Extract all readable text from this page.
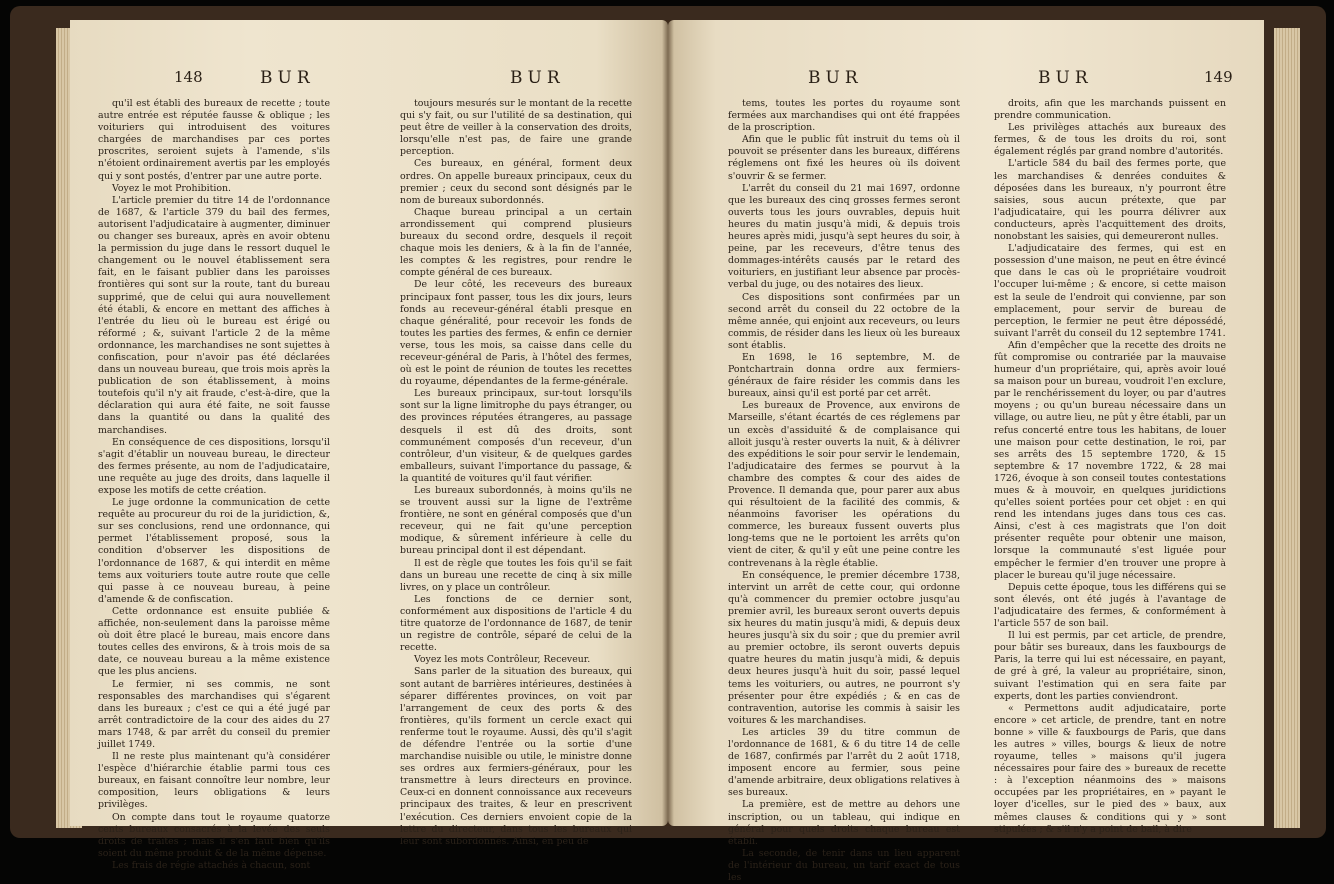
148	BUR	BUR

qu'il est établi des bureaux de recette ; toute autre entrée est réputée fausse & oblique ; les voituriers qui introduisent des voitures chargées de marchandises par ces portes proscrites, seroient sujets à l'amende, s'ils n'étoient ordinairement avertis par les employés qui y sont postés, d'entrer par une autre porte.

Voyez le mot Prohibition.

L'article premier du titre 14 de l'ordonnance de 1687, & l'article 379 du bail des fermes, autorisent l'adjudicataire à augmenter, diminuer ou changer ses bureaux, après en avoir obtenu la permission du juge dans le ressort duquel le changement ou le nouvel établissement sera fait, en le faisant publier dans les paroisses frontières qui sont sur la route, tant du bureau supprimé, que de celui qui aura nouvellement été établi, & encore en mettant des affiches à l'entrée du lieu où le bureau est érigé ou réformé ; &, suivant l'article 2 de la même ordonnance, les marchandises ne sont sujettes à confiscation, pour n'avoir pas été déclarées dans un nouveau bureau, que trois mois après la publication de son établissement, à moins toutefois qu'il n'y ait fraude, c'est-à-dire, que la déclaration qui aura été faite, ne soit fausse dans la quantité ou dans la qualité des marchandises.

En conséquence de ces dispositions, lorsqu'il s'agit d'établir un nouveau bureau, le directeur des fermes présente, au nom de l'adjudicataire, une requête au juge des droits, dans laquelle il expose les motifs de cette création.

Le juge ordonne la communication de cette requête au procureur du roi de la juridiction, &, sur ses conclusions, rend une ordonnance, qui permet l'établissement proposé, sous la condition d'observer les dispositions de l'ordonnance de 1687, & qui interdit en même tems aux voituriers toute autre route que celle qui passe à ce nouveau bureau, à peine d'amende & de confiscation.

Cette ordonnance est ensuite publiée & affichée, non-seulement dans la paroisse même où doit être placé le bureau, mais encore dans toutes celles des environs, & à trois mois de sa date, ce nouveau bureau a la même existence que les plus anciens.

Le fermier, ni ses commis, ne sont responsables des marchandises qui s'égarent dans les bureaux ; c'est ce qui a été jugé par arrêt contradictoire de la cour des aides du 27 mars 1748, & par arrêt du conseil du premier juillet 1749.

Il ne reste plus maintenant qu'à considérer l'espèce d'hiérarchie établie parmi tous ces bureaux, en faisant connoître leur nombre, leur composition, leurs obligations & leurs privilèges.

On compte dans tout le royaume quatorze cents bureaux consacrés à la levée des seuls droits de traites ; mais il s'en faut bien qu'ils soient du même produit & de la même dépense.

Les frais de régie attachés à chacun, sont

toujours mesurés sur le montant de la recette qui s'y fait, ou sur l'utilité de sa destination, qui peut être de veiller à la conservation des droits, lorsqu'elle n'est pas, de faire une grande perception.

Ces bureaux, en général, forment deux ordres. On appelle bureaux principaux, ceux du premier ; ceux du second sont désignés par le nom de bureaux subordonnés.

Chaque bureau principal a un certain arrondissement qui comprend plusieurs bureaux du second ordre, desquels il reçoit chaque mois les deniers, & à la fin de l'année, les comptes & les registres, pour rendre le compte général de ces bureaux.

De leur côté, les receveurs des bureaux principaux font passer, tous les dix jours, leurs fonds au receveur-général établi presque en chaque généralité, pour recevoir les fonds de toutes les parties des fermes, & enfin ce dernier verse, tous les mois, sa caisse dans celle du receveur-général de Paris, à l'hôtel des fermes, où est le point de réunion de toutes les recettes du royaume, dépendantes de la ferme-générale.

Les bureaux principaux, sur-tout lorsqu'ils sont sur la ligne limitrophe du pays étranger, ou des provinces réputées étrangeres, au passage desquels il est dû des droits, sont communément composés d'un receveur, d'un contrôleur, d'un visiteur, & de quelques gardes emballeurs, suivant l'importance du passage, & la quantité de voitures qu'il faut vérifier.

Les bureaux subordonnés, à moins qu'ils ne se trouvent aussi sur la ligne de l'extrême frontière, ne sont en général composés que d'un receveur, qui ne fait qu'une perception modique, & sûrement inférieure à celle du bureau principal dont il est dépendant.

Il est de règle que toutes les fois qu'il se fait dans un bureau une recette de cinq à six mille livres, on y place un contrôleur.

Les fonctions de ce dernier sont, conformément aux dispositions de l'article 4 du titre quatorze de l'ordonnance de 1687, de tenir un registre de contrôle, séparé de celui de la recette.

Voyez les mots Contrôleur, Receveur.

Sans parler de la situation des bureaux, qui sont autant de barrières intérieures, destinées à séparer différentes provinces, on voit par l'arrangement de ceux des ports & des frontières, qu'ils forment un cercle exact qui renferme tout le royaume. Aussi, dès qu'il s'agit de défendre l'entrée ou la sortie d'une marchandise nuisible ou utile, le ministre donne ses ordres aux fermiers-généraux, pour les transmettre à leurs directeurs en province. Ceux-ci en donnent connoissance aux receveurs principaux des traites, & leur en prescrivent l'exécution. Ces derniers envoient copie de la lettre du directeur, dans tous les bureaux qui leur sont subordonnés. Ainsi, en peu de

BUR	BUR	149

tems, toutes les portes du royaume sont fermées aux marchandises qui ont été frappées de la proscription.

Afin que le public fût instruit du tems où il pouvoit se présenter dans les bureaux, différens réglemens ont fixé les heures où ils doivent s'ouvrir & se fermer.

L'arrêt du conseil du 21 mai 1697, ordonne que les bureaux des cinq grosses fermes seront ouverts tous les jours ouvrables, depuis huit heures du matin jusqu'à midi, & depuis trois heures après midi, jusqu'à sept heures du soir, à peine, par les receveurs, d'être tenus des dommages-intérêts causés par le retard des voituriers, en justifiant leur absence par procès-verbal du juge, ou des notaires des lieux.

Ces dispositions sont confirmées par un second arrêt du conseil du 22 octobre de la même année, qui enjoint aux receveurs, ou leurs commis, de résider dans les lieux où les bureaux sont établis.

En 1698, le 16 septembre, M. de Pontchartrain donna ordre aux fermiers-généraux de faire résider les commis dans les bureaux, ainsi qu'il est porté par cet arrêt.

Les bureaux de Provence, aux environs de Marseille, s'étant écartés de ces réglemens par un excès d'assiduité & de complaisance qui alloit jusqu'à rester ouverts la nuit, & à délivrer des expéditions le soir pour servir le lendemain, l'adjudicataire des fermes se pourvut à la chambre des comptes & cour des aides de Provence. Il demanda que, pour parer aux abus qui résultoient de la facilité des commis, & néanmoins favoriser les opérations du commerce, les bureaux fussent ouverts plus long-tems que ne le portoient les arrêts qu'on vient de citer, & qu'il y eût une peine contre les contrevenans à la règle établie.

En conséquence, le premier décembre 1738, intervint un arrêt de cette cour, qui ordonne qu'à commencer du premier octobre jusqu'au premier avril, les bureaux seront ouverts depuis six heures du matin jusqu'à midi, & depuis deux heures jusqu'à six du soir ; que du premier avril au premier octobre, ils seront ouverts depuis quatre heures du matin jusqu'à midi, & depuis deux heures jusqu'à huit du soir, passé lequel tems les voituriers, ou autres, ne pourront s'y présenter pour être expédiés ; & en cas de contravention, autorise les commis à saisir les voitures & les marchandises.

Les articles 39 du titre commun de l'ordonnance de 1681, & 6 du titre 14 de celle de 1687, confirmés par l'arrêt du 2 août 1718, imposent encore au fermier, sous peine d'amende arbitraire, deux obligations relatives à ses bureaux.

La première, est de mettre au dehors une inscription, ou un tableau, qui indique en général pour quels droits chaque bureau est établi.

La seconde, de tenir dans un lieu apparent de l'intérieur du bureau, un tarif exact de tous les

droits, afin que les marchands puissent en prendre communication.

Les privilèges attachés aux bureaux des fermes, & de tous les droits du roi, sont également réglés par grand nombre d'autorités.

L'article 584 du bail des fermes porte, que les marchandises & denrées conduites & déposées dans les bureaux, n'y pourront être saisies, sous aucun prétexte, que par l'adjudicataire, qui les pourra délivrer aux conducteurs, après l'acquittement des droits, nonobstant les saisies, qui demeureront nulles.

L'adjudicataire des fermes, qui est en possession d'une maison, ne peut en être évincé que dans le cas où le propriétaire voudroit l'occuper lui-même ; & encore, si cette maison est la seule de l'endroit qui convienne, par son emplacement, pour servir de bureau de perception, le fermier ne peut être dépossédé, suivant l'arrêt du conseil du 12 septembre 1741.

Afin d'empêcher que la recette des droits ne fût compromise ou contrariée par la mauvaise humeur d'un propriétaire, qui, après avoir loué sa maison pour un bureau, voudroit l'en exclure, par le renchérissement du loyer, ou par d'autres moyens ; ou qu'un bureau nécessaire dans un village, ou autre lieu, ne pût y être établi, par un refus concerté entre tous les habitans, de louer une maison pour cette destination, le roi, par ses arrêts des 15 septembre 1720, & 15 septembre & 17 novembre 1722, & 28 mai 1726, évoque à son conseil toutes contestations mues & à mouvoir, en quelques juridictions qu'elles soient portées pour cet objet : en qui rend les intendans juges dans tous ces cas. Ainsi, c'est à ces magistrats que l'on doit présenter requête pour obtenir une maison, lorsque la communauté s'est liguée pour empêcher le fermier d'en trouver une propre à placer le bureau qu'il juge nécessaire.

Depuis cette époque, tous les différens qui se sont élevés, ont été jugés à l'avantage de l'adjudicataire des fermes, & conformément à l'article 557 de son bail.

Il lui est permis, par cet article, de prendre, pour bâtir ses bureaux, dans les fauxbourgs de Paris, la terre qui lui est nécessaire, en payant, de gré à gré, la valeur au propriétaire, sinon, suivant l'estimation qui en sera faite par experts, dont les parties conviendront.

« Permettons audit adjudicataire, porte encore » cet article, de prendre, tant en notre bonne » ville & fauxbourgs de Paris, que dans les autres » villes, bourgs & lieux de notre royaume, telles » maisons qu'il jugera nécessaires pour faire des » bureaux de recette : à l'exception néanmoins des » maisons occupées par les propriétaires, en » payant le loyer d'icelles, sur le pied des » baux, aux mêmes clauses & conditions qui y » sont stipulées ; & s'il n'y a point de bail, à dire
